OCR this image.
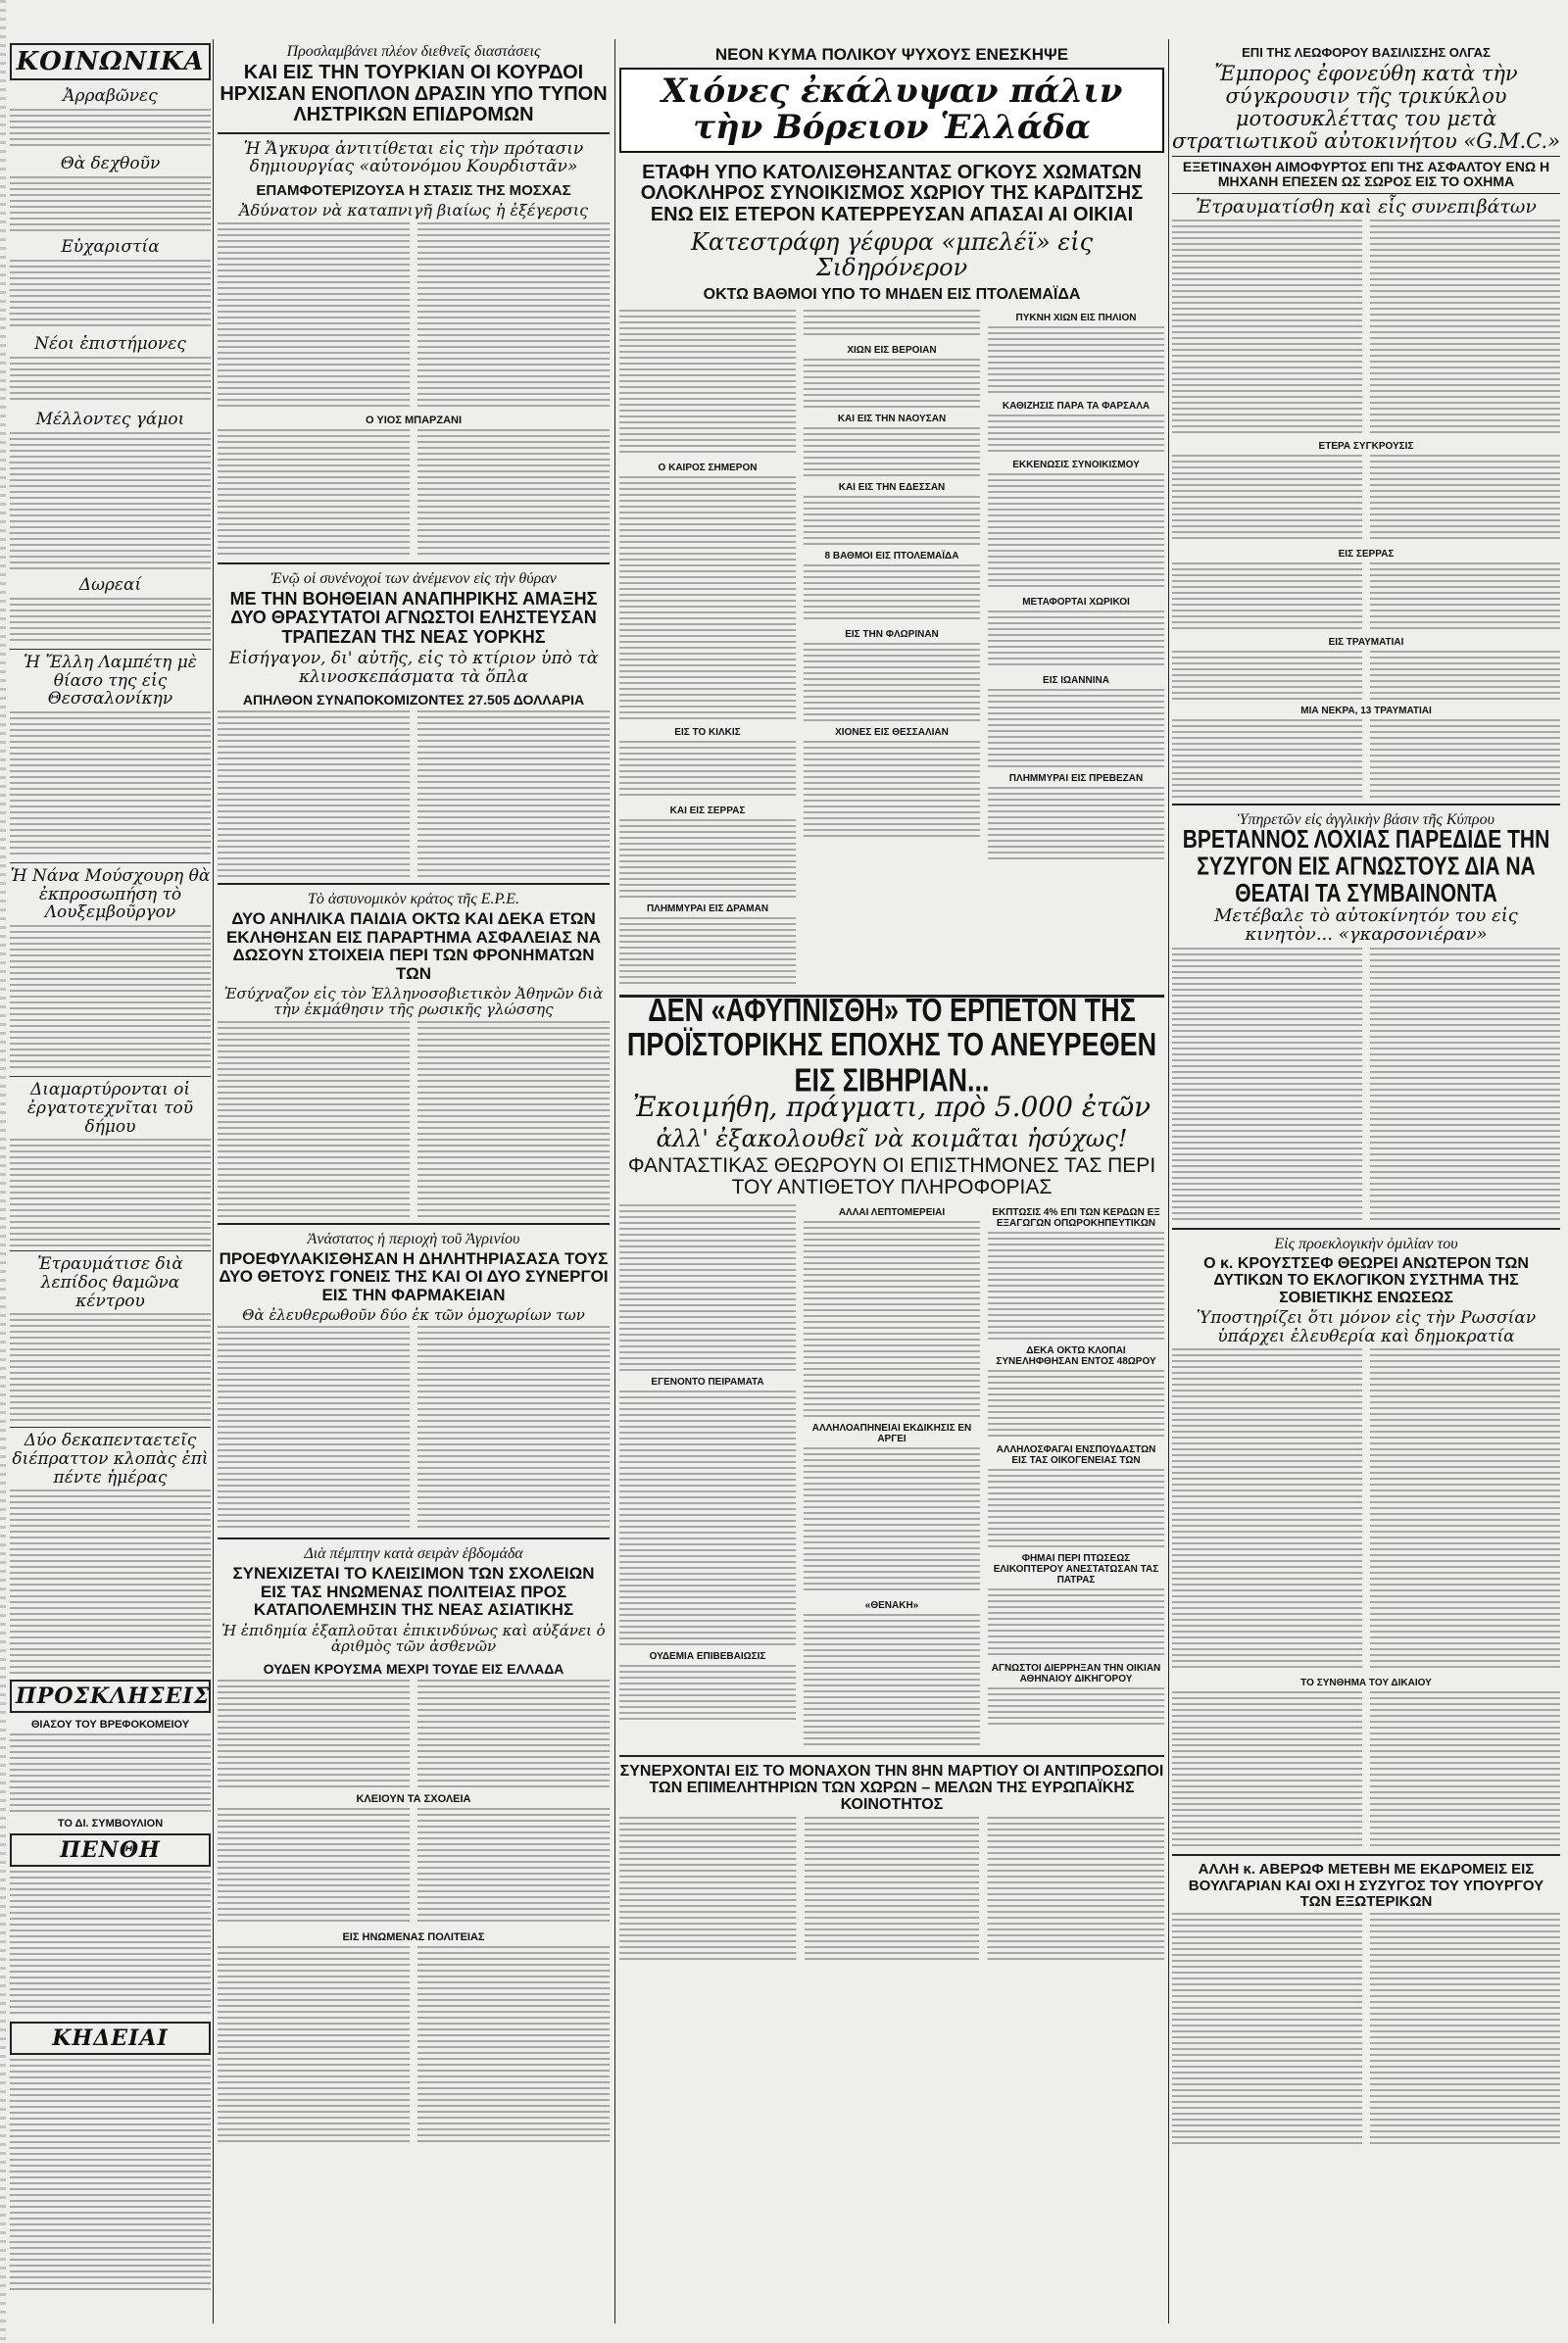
ΚΟΙΝΩΝΙΚΑ
Ἀρραβῶνες
Θὰ δεχθοῦν
Εὐχαριστία
Νέοι ἐπιστήμονες
Μέλλοντες γάμοι
Δωρεαί
Ἡ Ἔλλη Λαμπέτη μὲ θίασο της εἰς Θεσσαλονίκην
Ἡ Νάνα Μούσχουρη θὰ ἐκπροσωπήση τὸ Λουξεμβοῦργον
Διαμαρτύρονται οἱ ἐργατοτεχνῖται τοῦ δήμου
Ἐτραυμάτισε διὰ λεπίδος θαμῶνα κέντρου
Δύο δεκαπενταετεῖς διέπραττον κλοπὰς ἐπὶ πέντε ἡμέρας
ΠΡΟΣΚΛΗΣΕΙΣ
ΘΙΑΣΟΥ ΤΟΥ ΒΡΕΦΟΚΟΜΕΙΟΥ
ΤΟ ΔΙ. ΣΥΜΒΟΥΛΙΟΝ
ΠΕΝΘΗ
ΚΗΔΕΙΑΙ
Προσλαμβάνει πλέον διεθνεῖς διαστάσεις
ΚΑΙ ΕΙΣ ΤΗΝ ΤΟΥΡΚΙΑΝ ΟΙ ΚΟΥΡΔΟΙ ΗΡΧΙΣΑΝ ΕΝΟΠΛΟΝ ΔΡΑΣΙΝ ΥΠΟ ΤΥΠΟΝ ΛΗΣΤΡΙΚΩΝ ΕΠΙΔΡΟΜΩΝ
Ἡ Ἄγκυρα ἀντιτίθεται εἰς τὴν πρότασιν δημιουργίας «αὐτονόμου Κουρδιστᾶν»
ΕΠΑΜΦΟΤΕΡΙΖΟΥΣΑ Η ΣΤΑΣΙΣ ΤΗΣ ΜΟΣΧΑΣ
Ἀδύνατον νὰ καταπνιγῆ βιαίως ἡ ἐξέγερσις
Ο ΥΙΟΣ ΜΠΑΡΖΑΝΙ
Ἐνῷ οἱ συνένοχοί των ἀνέμενον εἰς τὴν θύραν
ΜΕ ΤΗΝ ΒΟΗΘΕΙΑΝ ΑΝΑΠΗΡΙΚΗΣ ΑΜΑΞΗΣ ΔΥΟ ΘΡΑΣΥΤΑΤΟΙ ΑΓΝΩΣΤΟΙ ΕΛΗΣΤΕΥΣΑΝ ΤΡΑΠΕΖΑΝ ΤΗΣ ΝΕΑΣ ΥΟΡΚΗΣ
Εἰσήγαγον, δι' αὐτῆς, εἰς τὸ κτίριον ὑπὸ τὰ κλινοσκεπάσματα τὰ ὅπλα
ΑΠΗΛΘΟΝ ΣΥΝΑΠΟΚΟΜΙΖΟΝΤΕΣ 27.505 ΔΟΛΛΑΡΙΑ
Τὸ ἀστυνομικὸν κράτος τῆς Ε.Ρ.Ε.
ΔΥΟ ΑΝΗΛΙΚΑ ΠΑΙΔΙΑ ΟΚΤΩ ΚΑΙ ΔΕΚΑ ΕΤΩΝ ΕΚΛΗΘΗΣΑΝ ΕΙΣ ΠΑΡΑΡΤΗΜΑ ΑΣΦΑΛΕΙΑΣ ΝΑ ΔΩΣΟΥΝ ΣΤΟΙΧΕΙΑ ΠΕΡΙ ΤΩΝ ΦΡΟΝΗΜΑΤΩΝ ΤΩΝ
Ἐσύχναζον εἰς τὸν Ἑλληνοσοβιετικὸν Ἀθηνῶν διὰ τὴν ἐκμάθησιν τῆς ρωσικῆς γλώσσης
Ἀνάστατος ἡ περιοχὴ τοῦ Ἀγρινίου
ΠΡΟΕΦΥΛΑΚΙΣΘΗΣΑΝ Η ΔΗΛΗΤΗΡΙΑΣΑΣΑ ΤΟΥΣ ΔΥΟ ΘΕΤΟΥΣ ΓΟΝΕΙΣ ΤΗΣ ΚΑΙ ΟΙ ΔΥΟ ΣΥΝΕΡΓΟΙ ΕΙΣ ΤΗΝ ΦΑΡΜΑΚΕΙΑΝ
Θὰ ἐλευθερωθοῦν δύο ἐκ τῶν ὁμοχωρίων των
Διὰ πέμπτην κατὰ σειρὰν ἑβδομάδα
ΣΥΝΕΧΙΖΕΤΑΙ ΤΟ ΚΛΕΙΣΙΜΟΝ ΤΩΝ ΣΧΟΛΕΙΩΝ ΕΙΣ ΤΑΣ ΗΝΩΜΕΝΑΣ ΠΟΛΙΤΕΙΑΣ ΠΡΟΣ ΚΑΤΑΠΟΛΕΜΗΣΙΝ ΤΗΣ ΝΕΑΣ ΑΣΙΑΤΙΚΗΣ
Ἡ ἐπιδημία ἐξαπλοῦται ἐπικινδύνως καὶ αὐξάνει ὁ ἀριθμὸς τῶν ἀσθενῶν
ΟΥΔΕΝ ΚΡΟΥΣΜΑ ΜΕΧΡΙ ΤΟΥΔΕ ΕΙΣ ΕΛΛΑΔΑ
ΚΛΕΙΟΥΝ ΤΑ ΣΧΟΛΕΙΑ
ΕΙΣ ΗΝΩΜΕΝΑΣ ΠΟΛΙΤΕΙΑΣ
ΝΕΟΝ ΚΥΜΑ ΠΟΛΙΚΟΥ ΨΥΧΟΥΣ ΕΝΕΣΚΗΨΕ
Χιόνες ἐκάλυψαν πάλιν τὴν Βόρειον Ἑλλάδα
ΕΤΑΦΗ ΥΠΟ ΚΑΤΟΛΙΣΘΗΣΑΝΤΑΣ ΟΓΚΟΥΣ ΧΩΜΑΤΩΝ ΟΛΟΚΛΗΡΟΣ ΣΥΝΟΙΚΙΣΜΟΣ ΧΩΡΙΟΥ ΤΗΣ ΚΑΡΔΙΤΣΗΣ ΕΝΩ ΕΙΣ ΕΤΕΡΟΝ ΚΑΤΕΡΡΕΥΣΑΝ ΑΠΑΣΑΙ ΑΙ ΟΙΚΙΑΙ
Κατεστράφη γέφυρα «μπελέϊ» εἰς Σιδηρόνερον
ΟΚΤΩ ΒΑΘΜΟΙ ΥΠΟ ΤΟ ΜΗΔΕΝ ΕΙΣ ΠΤΟΛΕΜΑΪΔΑ
Ο ΚΑΙΡΟΣ ΣΗΜΕΡΟΝ
ΕΙΣ ΤΟ ΚΙΛΚΙΣ
ΚΑΙ ΕΙΣ ΣΕΡΡΑΣ
ΠΛΗΜΜΥΡΑΙ ΕΙΣ ΔΡΑΜΑΝ
ΧΙΩΝ ΕΙΣ ΒΕΡΟΙΑΝ
ΚΑΙ ΕΙΣ ΤΗΝ ΝΑΟΥΣΑΝ
ΚΑΙ ΕΙΣ ΤΗΝ ΕΔΕΣΣΑΝ
8 ΒΑΘΜΟΙ ΕΙΣ ΠΤΟΛΕΜΑΪΔΑ
ΕΙΣ ΤΗΝ ΦΛΩΡΙΝΑΝ
ΧΙΟΝΕΣ ΕΙΣ ΘΕΣΣΑΛΙΑΝ
ΠΥΚΝΗ ΧΙΩΝ ΕΙΣ ΠΗΛΙΟΝ
ΚΑΘΙΖΗΣΙΣ ΠΑΡΑ ΤΑ ΦΑΡΣΑΛΑ
ΕΚΚΕΝΩΣΙΣ ΣΥΝΟΙΚΙΣΜΟΥ
ΜΕΤΑΦΟΡΤΑΙ ΧΩΡΙΚΟΙ
ΕΙΣ ΙΩΑΝΝΙΝΑ
ΠΛΗΜΜΥΡΑΙ ΕΙΣ ΠΡΕΒΕΖΑΝ
ΔΕΝ «ΑΦΥΠΝΙΣΘΗ» ΤΟ ΕΡΠΕΤΟΝ ΤΗΣ ΠΡΟΪΣΤΟΡΙΚΗΣ ΕΠΟΧΗΣ ΤΟ ΑΝΕΥΡΕΘΕΝ ΕΙΣ ΣΙΒΗΡΙΑΝ...
Ἐκοιμήθη, πράγματι, πρὸ 5.000 ἐτῶν
ἀλλ' ἐξακολουθεῖ νὰ κοιμᾶται ἡσύχως!
ΦΑΝΤΑΣΤΙΚΑΣ ΘΕΩΡΟΥΝ ΟΙ ΕΠΙΣΤΗΜΟΝΕΣ ΤΑΣ ΠΕΡΙ ΤΟΥ ΑΝΤΙΘΕΤΟΥ ΠΛΗΡΟΦΟΡΙΑΣ
ΕΓΕΝΟΝΤΟ ΠΕΙΡΑΜΑΤΑ
ΟΥΔΕΜΙΑ ΕΠΙΒΕΒΑΙΩΣΙΣ
ΑΛΛΑΙ ΛΕΠΤΟΜΕΡΕΙΑΙ
ΑΛΛΗΛΟΑΠΗΝΕΙΑΙ ΕΚΔΙΚΗΣΙΣ ΕΝ ΑΡΓΕΙ
«ΘΕΝΑΚΗ»
ΕΚΠΤΩΣΙΣ 4% ΕΠΙ ΤΩΝ ΚΕΡΔΩΝ ΕΞ ΕΞΑΓΩΓΩΝ ΟΠΩΡΟΚΗΠΕΥΤΙΚΩΝ
ΔΕΚΑ ΟΚΤΩ ΚΛΟΠΑΙ ΣΥΝΕΛΗΦΘΗΣΑΝ ΕΝΤΟΣ 48ΩΡΟΥ
ΑΛΛΗΛΟΣΦΑΓΑΙ ΕΝΣΠΟΥΔΑΣΤΩΝ ΕΙΣ ΤΑΣ ΟΙΚΟΓΕΝΕΙΑΣ ΤΩΝ
ΦΗΜΑΙ ΠΕΡΙ ΠΤΩΣΕΩΣ ΕΛΙΚΟΠΤΕΡΟΥ ΑΝΕΣΤΑΤΩΣΑΝ ΤΑΣ ΠΑΤΡΑΣ
ΑΓΝΩΣΤΟΙ ΔΙΕΡΡΗΞΑΝ ΤΗΝ ΟΙΚΙΑΝ ΑΘΗΝΑΙΟΥ ΔΙΚΗΓΟΡΟΥ
ΣΥΝΕΡΧΟΝΤΑΙ ΕΙΣ ΤΟ ΜΟΝΑΧΟΝ ΤΗΝ 8ΗΝ ΜΑΡΤΙΟΥ ΟΙ ΑΝΤΙΠΡΟΣΩΠΟΙ ΤΩΝ ΕΠΙΜΕΛΗΤΗΡΙΩΝ ΤΩΝ ΧΩΡΩΝ – ΜΕΛΩΝ ΤΗΣ ΕΥΡΩΠΑΪΚΗΣ ΚΟΙΝΟΤΗΤΟΣ
ΕΠΙ ΤΗΣ ΛΕΩΦΟΡΟΥ ΒΑΣΙΛΙΣΣΗΣ ΟΛΓΑΣ
Ἔμπορος ἐφονεύθη κατὰ τὴν σύγκρουσιν τῆς τρικύκλου μοτοσυκλέττας του μετὰ στρατιωτικοῦ αὐτοκινήτου «G.M.C.»
ΕΞΕΤΙΝΑΧΘΗ ΑΙΜΟΦΥΡΤΟΣ ΕΠΙ ΤΗΣ ΑΣΦΑΛΤΟΥ ΕΝΩ Η ΜΗΧΑΝΗ ΕΠΕΣΕΝ ΩΣ ΣΩΡΟΣ ΕΙΣ ΤΟ ΟΧΗΜΑ
Ἐτραυματίσθη καὶ εἷς συνεπιβάτων
ΕΤΕΡΑ ΣΥΓΚΡΟΥΣΙΣ
ΕΙΣ ΣΕΡΡΑΣ
ΕΙΣ ΤΡΑΥΜΑΤΙΑΙ
ΜΙΑ ΝΕΚΡΑ, 13 ΤΡΑΥΜΑΤΙΑΙ
Ὑπηρετῶν εἰς ἀγγλικὴν βάσιν τῆς Κύπρου
ΒΡΕΤΑΝΝΟΣ ΛΟΧΙΑΣ ΠΑΡΕΔΙΔΕ ΤΗΝ ΣΥΖΥΓΟΝ ΕΙΣ ΑΓΝΩΣΤΟΥΣ ΔΙΑ ΝΑ ΘΕΑΤΑΙ ΤΑ ΣΥΜΒΑΙΝΟΝΤΑ
Μετέβαλε τὸ αὐτοκίνητόν του εἰς κινητὸν... «γκαρσονιέραν»
Εἰς προεκλογικὴν ὁμιλίαν του
Ο κ. ΚΡΟΥΣΤΣΕΦ ΘΕΩΡΕΙ ΑΝΩΤΕΡΟΝ ΤΩΝ ΔΥΤΙΚΩΝ ΤΟ ΕΚΛΟΓΙΚΟΝ ΣΥΣΤΗΜΑ ΤΗΣ ΣΟΒΙΕΤΙΚΗΣ ΕΝΩΣΕΩΣ
Ὑποστηρίζει ὅτι μόνον εἰς τὴν Ρωσσίαν ὑπάρχει ἐλευθερία καὶ δημοκρατία
ΤΟ ΣΥΝΘΗΜΑ ΤΟΥ ΔΙΚΑΙΟΥ
ΑΛΛΗ κ. ΑΒΕΡΩΦ ΜΕΤΕΒΗ ΜΕ ΕΚΔΡΟΜΕΙΣ ΕΙΣ ΒΟΥΛΓΑΡΙΑΝ ΚΑΙ ΟΧΙ Η ΣΥΖΥΓΟΣ ΤΟΥ ΥΠΟΥΡΓΟΥ ΤΩΝ ΕΞΩΤΕΡΙΚΩΝ
